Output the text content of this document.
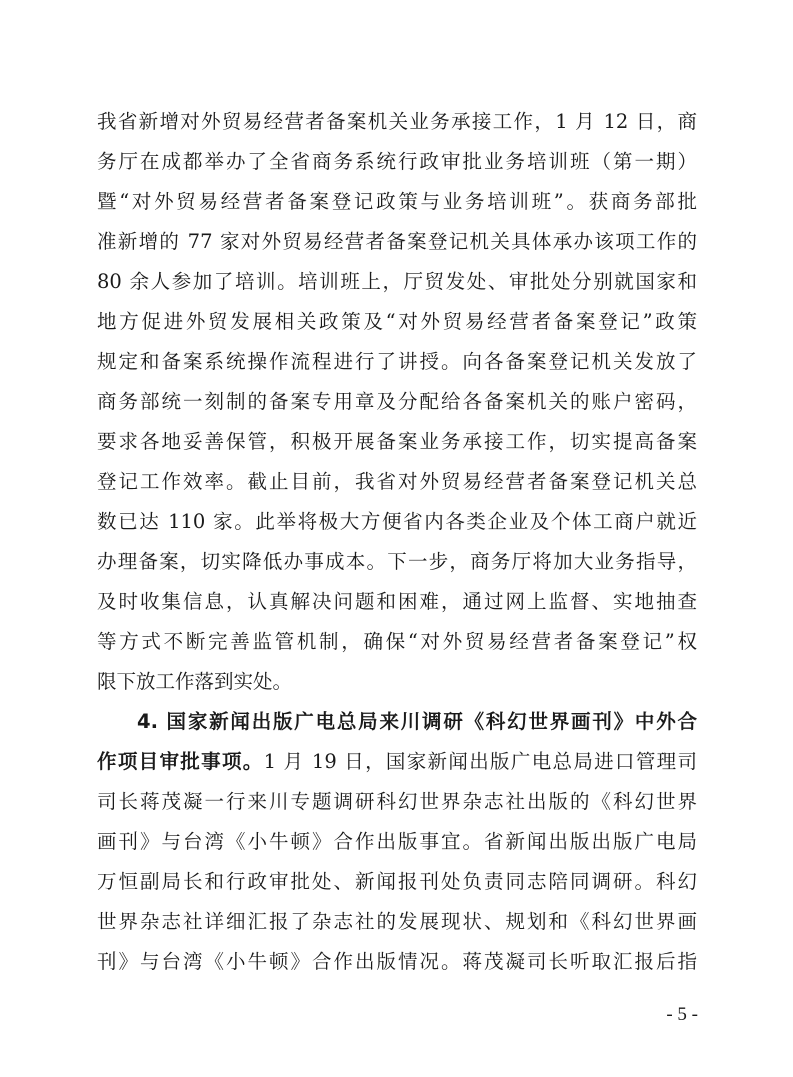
我省新增对外贸易经营者备案机关业务承接工作，1 月 12 日，商
务厅在成都举办了全省商务系统行政审批业务培训班（第一期）
暨“对外贸易经营者备案登记政策与业务培训班”。获商务部批
准新增的 77 家对外贸易经营者备案登记机关具体承办该项工作的
80 余人参加了培训。培训班上，厅贸发处、审批处分别就国家和
地方促进外贸发展相关政策及“对外贸易经营者备案登记”政策
规定和备案系统操作流程进行了讲授。向各备案登记机关发放了
商务部统一刻制的备案专用章及分配给各备案机关的账户密码，
要求各地妥善保管，积极开展备案业务承接工作，切实提高备案
登记工作效率。截止目前，我省对外贸易经营者备案登记机关总
数已达 110 家。此举将极大方便省内各类企业及个体工商户就近
办理备案，切实降低办事成本。下一步，商务厅将加大业务指导，
及时收集信息，认真解决问题和困难，通过网上监督、实地抽查
等方式不断完善监管机制，确保“对外贸易经营者备案登记”权
限下放工作落到实处。
4. 国家新闻出版广电总局来川调研《科幻世界画刊》中外合
作项目审批事项。1 月 19 日，国家新闻出版广电总局进口管理司
司长蒋茂凝一行来川专题调研科幻世界杂志社出版的《科幻世界
画刊》与台湾《小牛顿》合作出版事宜。省新闻出版出版广电局
万恒副局长和行政审批处、新闻报刊处负责同志陪同调研。科幻
世界杂志社详细汇报了杂志社的发展现状、规划和《科幻世界画
刊》与台湾《小牛顿》合作出版情况。蒋茂凝司长听取汇报后指
- 5 -
